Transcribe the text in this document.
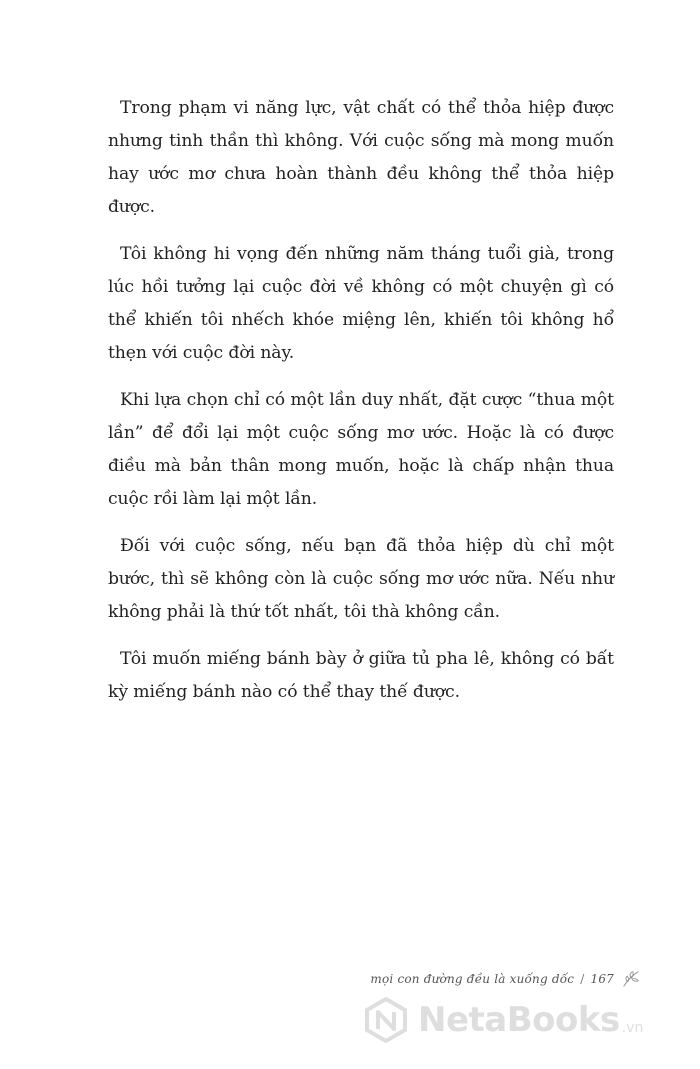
Trong phạm vi năng lực, vật chất có thể thỏa hiệp được nhưng tinh thần thì không. Với cuộc sống mà mong muốn hay ước mơ chưa hoàn thành đều không thể thỏa hiệp được.

Tôi không hi vọng đến những năm tháng tuổi già, trong lúc hồi tưởng lại cuộc đời về không có một chuyện gì có thể khiến tôi nhếch khóe miệng lên, khiến tôi không hổ thẹn với cuộc đời này.

Khi lựa chọn chỉ có một lần duy nhất, đặt cược “thua một lần” để đổi lại một cuộc sống mơ ước. Hoặc là có được điều mà bản thân mong muốn, hoặc là chấp nhận thua cuộc rồi làm lại một lần.

Đối với cuộc sống, nếu bạn đã thỏa hiệp dù chỉ một bước, thì sẽ không còn là cuộc sống mơ ước nữa. Nếu như không phải là thứ tốt nhất, tôi thà không cần.

Tôi muốn miếng bánh bày ở giữa tủ pha lê, không có bất kỳ miếng bánh nào có thể thay thế được.

mọi con đường đều là xuống dốc / 167
NetaBooks .vn
